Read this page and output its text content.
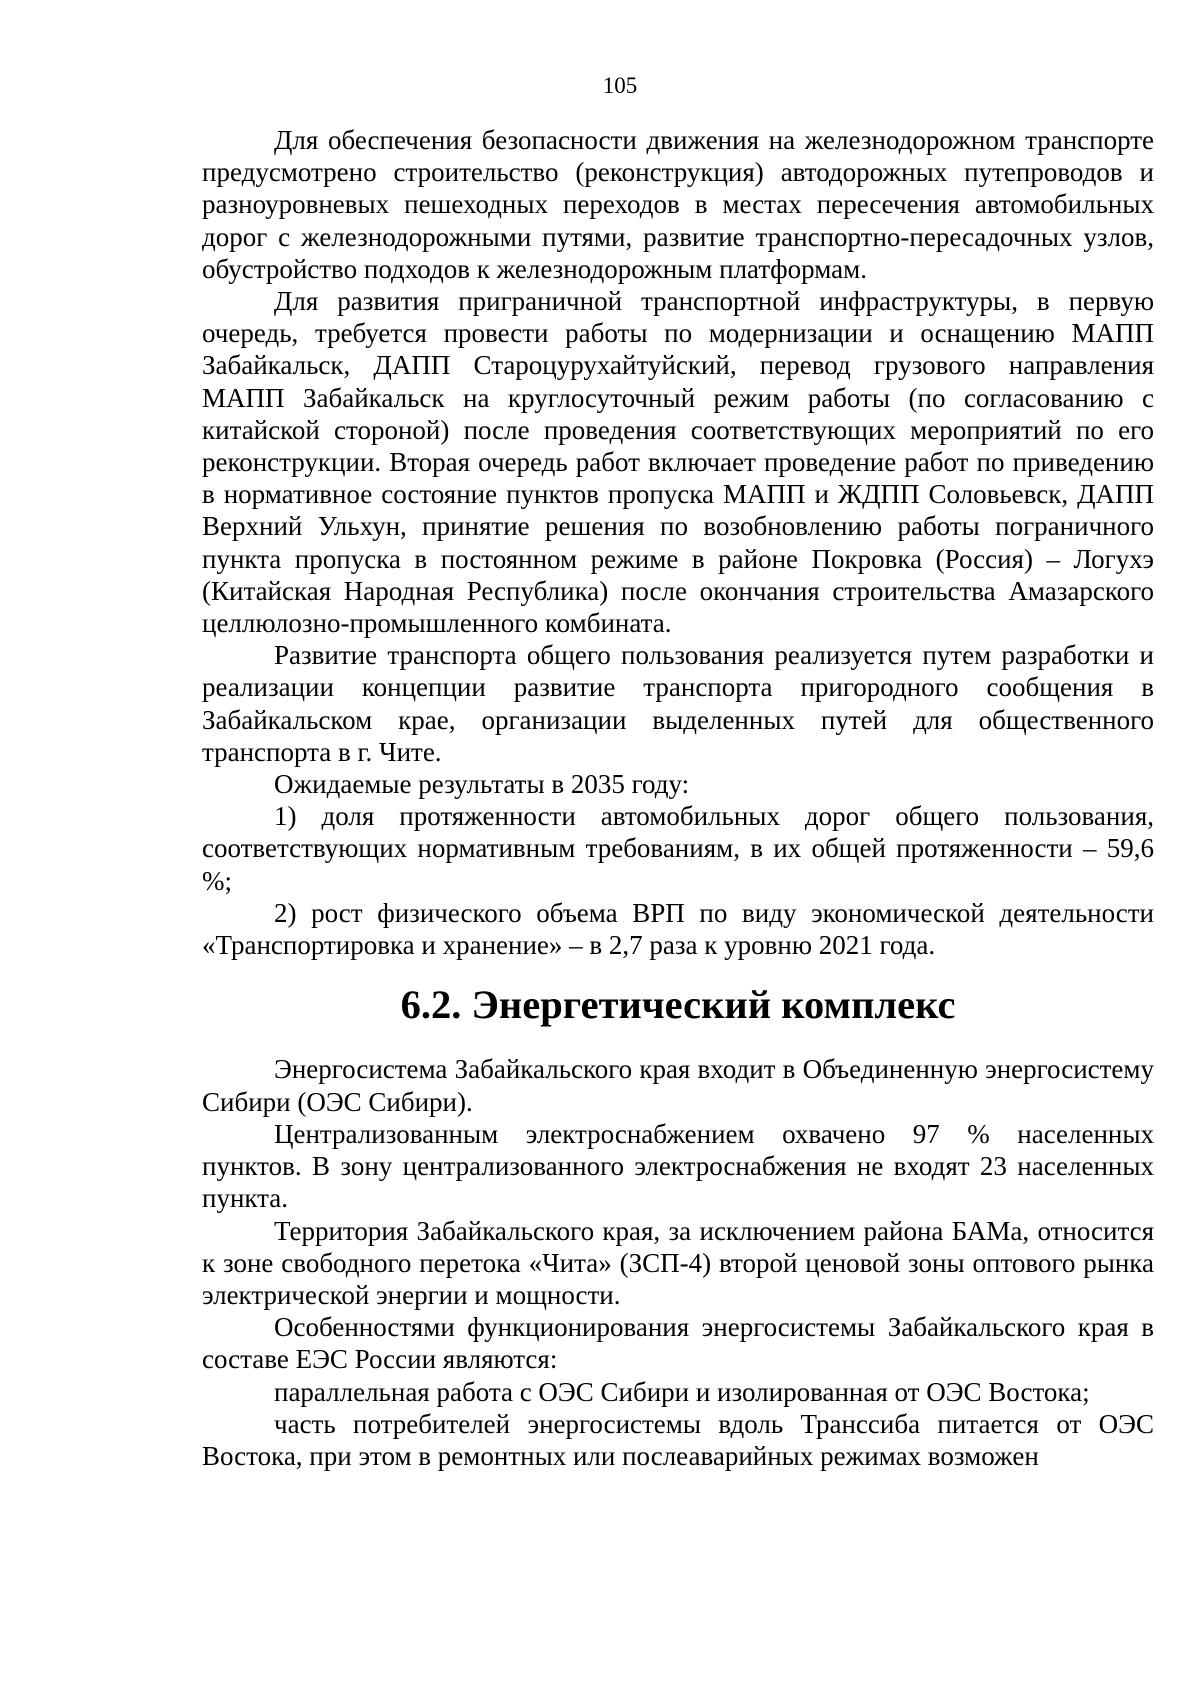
105

Для обеспечения безопасности движения на железнодорожном транспорте предусмотрено строительство (реконструкция) автодорожных путепроводов и разноуровневых пешеходных переходов в местах пересечения автомобильных дорог с железнодорожными путями, развитие транспортно-пересадочных узлов, обустройство подходов к железнодорожным платформам.

Для развития приграничной транспортной инфраструктуры, в первую очередь, требуется провести работы по модернизации и оснащению МАПП Забайкальск, ДАПП Староцурухайтуйский, перевод грузового направления МАПП Забайкальск на круглосуточный режим работы (по согласованию с китайской стороной) после проведения соответствующих мероприятий по его реконструкции. Вторая очередь работ включает проведение работ по приведению в нормативное состояние пунктов пропуска МАПП и ЖДПП Соловьевск, ДАПП Верхний Ульхун, принятие решения по возобновлению работы пограничного пункта пропуска в постоянном режиме в районе Покровка (Россия) – Логухэ (Китайская Народная Республика) после окончания строительства Амазарского целлюлозно-промышленного комбината.

Развитие транспорта общего пользования реализуется путем разработки и реализации концепции развитие транспорта пригородного сообщения в Забайкальском крае, организации выделенных путей для общественного транспорта в г. Чите.

Ожидаемые результаты в 2035 году:

1) доля протяженности автомобильных дорог общего пользования, соответствующих нормативным требованиям, в их общей протяженности – 59,6 %;

2) рост физического объема ВРП по виду экономической деятельности «Транспортировка и хранение» – в 2,7 раза к уровню 2021 года.

6.2. Энергетический комплекс

Энергосистема Забайкальского края входит в Объединенную энергосистему Сибири (ОЭС Сибири).

Централизованным электроснабжением охвачено 97 % населенных пунктов. В зону централизованного электроснабжения не входят 23 населенных пункта.

Территория Забайкальского края, за исключением района БАМа, относится к зоне свободного перетока «Чита» (ЗСП-4) второй ценовой зоны оптового рынка электрической энергии и мощности.

Особенностями функционирования энергосистемы Забайкальского края в составе ЕЭС России являются:

параллельная работа с ОЭС Сибири и изолированная от ОЭС Востока;

часть потребителей энергосистемы вдоль Транссиба питается от ОЭС Востока, при этом в ремонтных или послеаварийных режимах возможен
